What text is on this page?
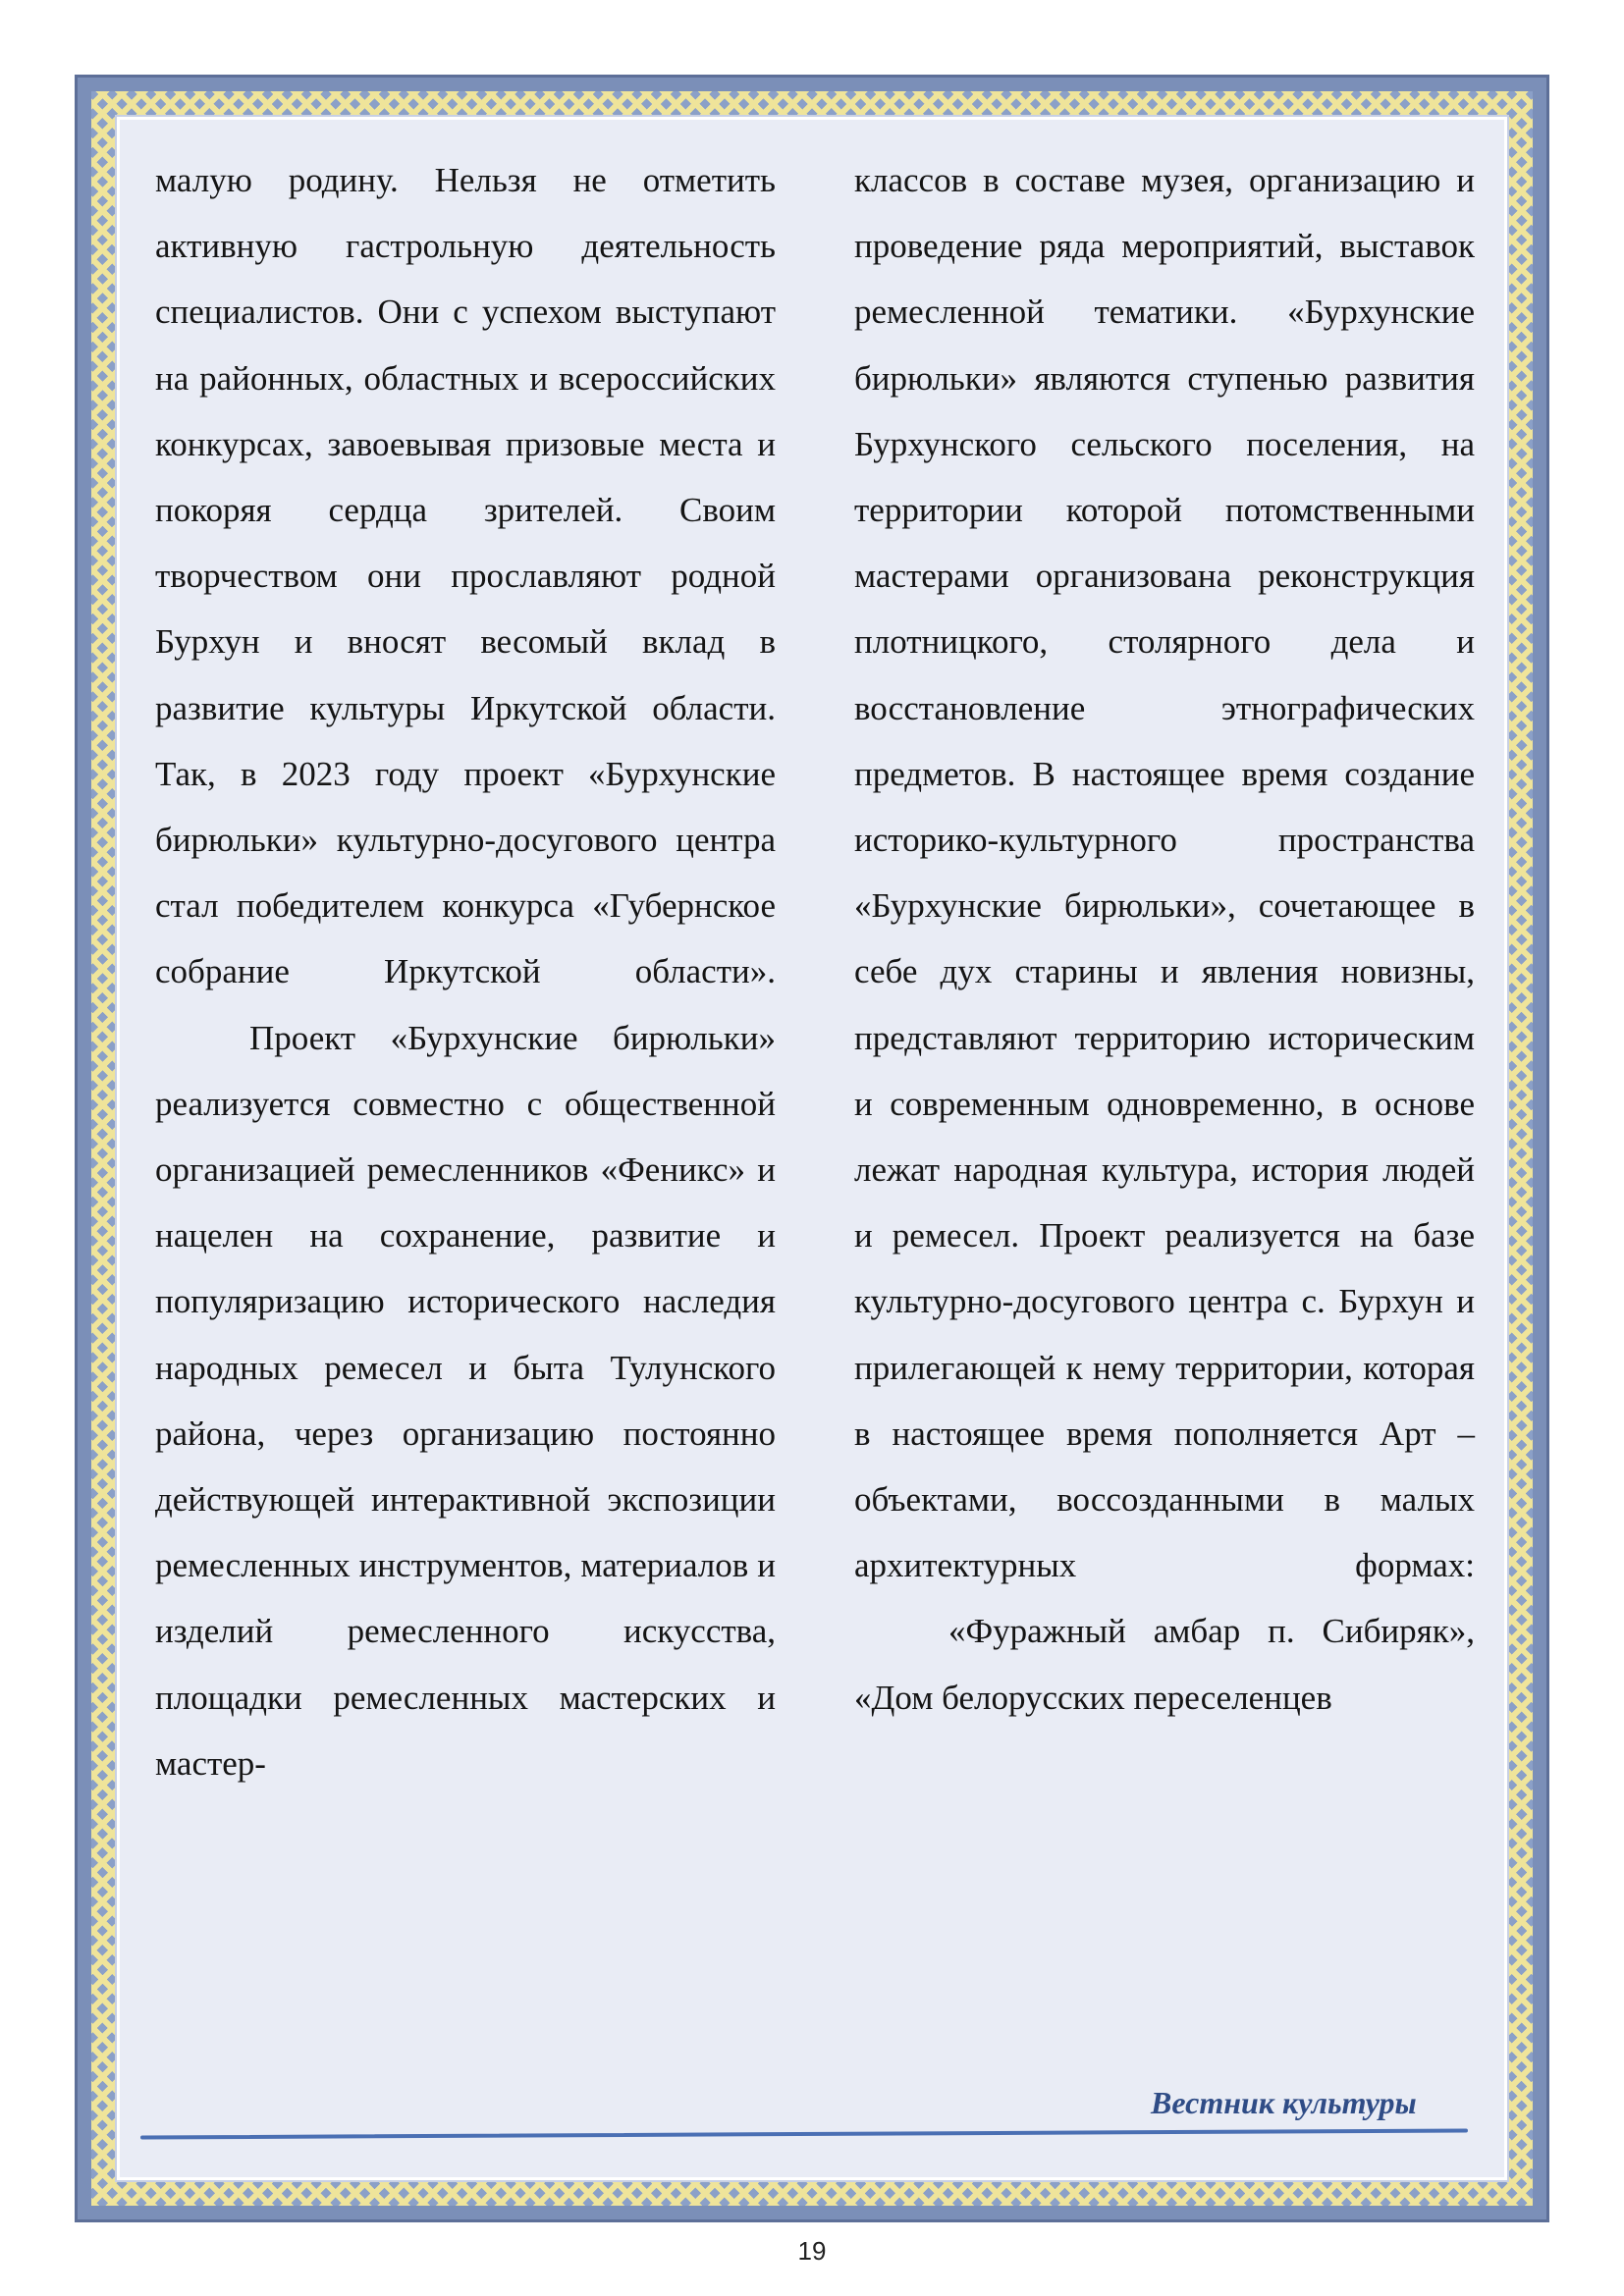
малую родину. Нельзя не отметить активную гастрольную деятельность специалистов. Они с успехом выступают на районных, областных и всероссийских конкурсах, завоевывая призовые места и покоряя сердца зрителей. Своим творчеством они прославляют родной Бурхун и вносят весомый вклад в развитие культуры Иркутской области. Так, в 2023 году проект «Бурхунские бирюльки» культурно-досугового центра стал победителем конкурса «Губернское собрание Иркутской области».

Проект «Бурхунские бирюльки» реализуется совместно с общественной организацией ремесленников «Феникс» и нацелен на сохранение, развитие и популяризацию исторического наследия народных ремесел и быта Тулунского района, через организацию постоянно действующей интерактивной экспозиции ремесленных инструментов, материалов и изделий ремесленного искусства, площадки ремесленных мастерских и мастер-

классов в составе музея, организацию и проведение ряда мероприятий, выставок ремесленной тематики. «Бурхунские бирюльки» являются ступенью развития Бурхунского сельского поселения, на территории которой потомственными мастерами организована реконструкция плотницкого, столярного дела и восстановление этнографических предметов. В настоящее время создание историко-культурного пространства «Бурхунские бирюльки», сочетающее в себе дух старины и явления новизны, представляют территорию историческим и современным одновременно, в основе лежат народная культура, история людей и ремесел. Проект реализуется на базе культурно-досугового центра с. Бурхун и прилегающей к нему территории, которая в настоящее время пополняется Арт – объектами, воссозданными в малых архитектурных формах:

«Фуражный амбар п. Сибиряк», «Дом белорусских переселенцев

Вестник культуры
19
